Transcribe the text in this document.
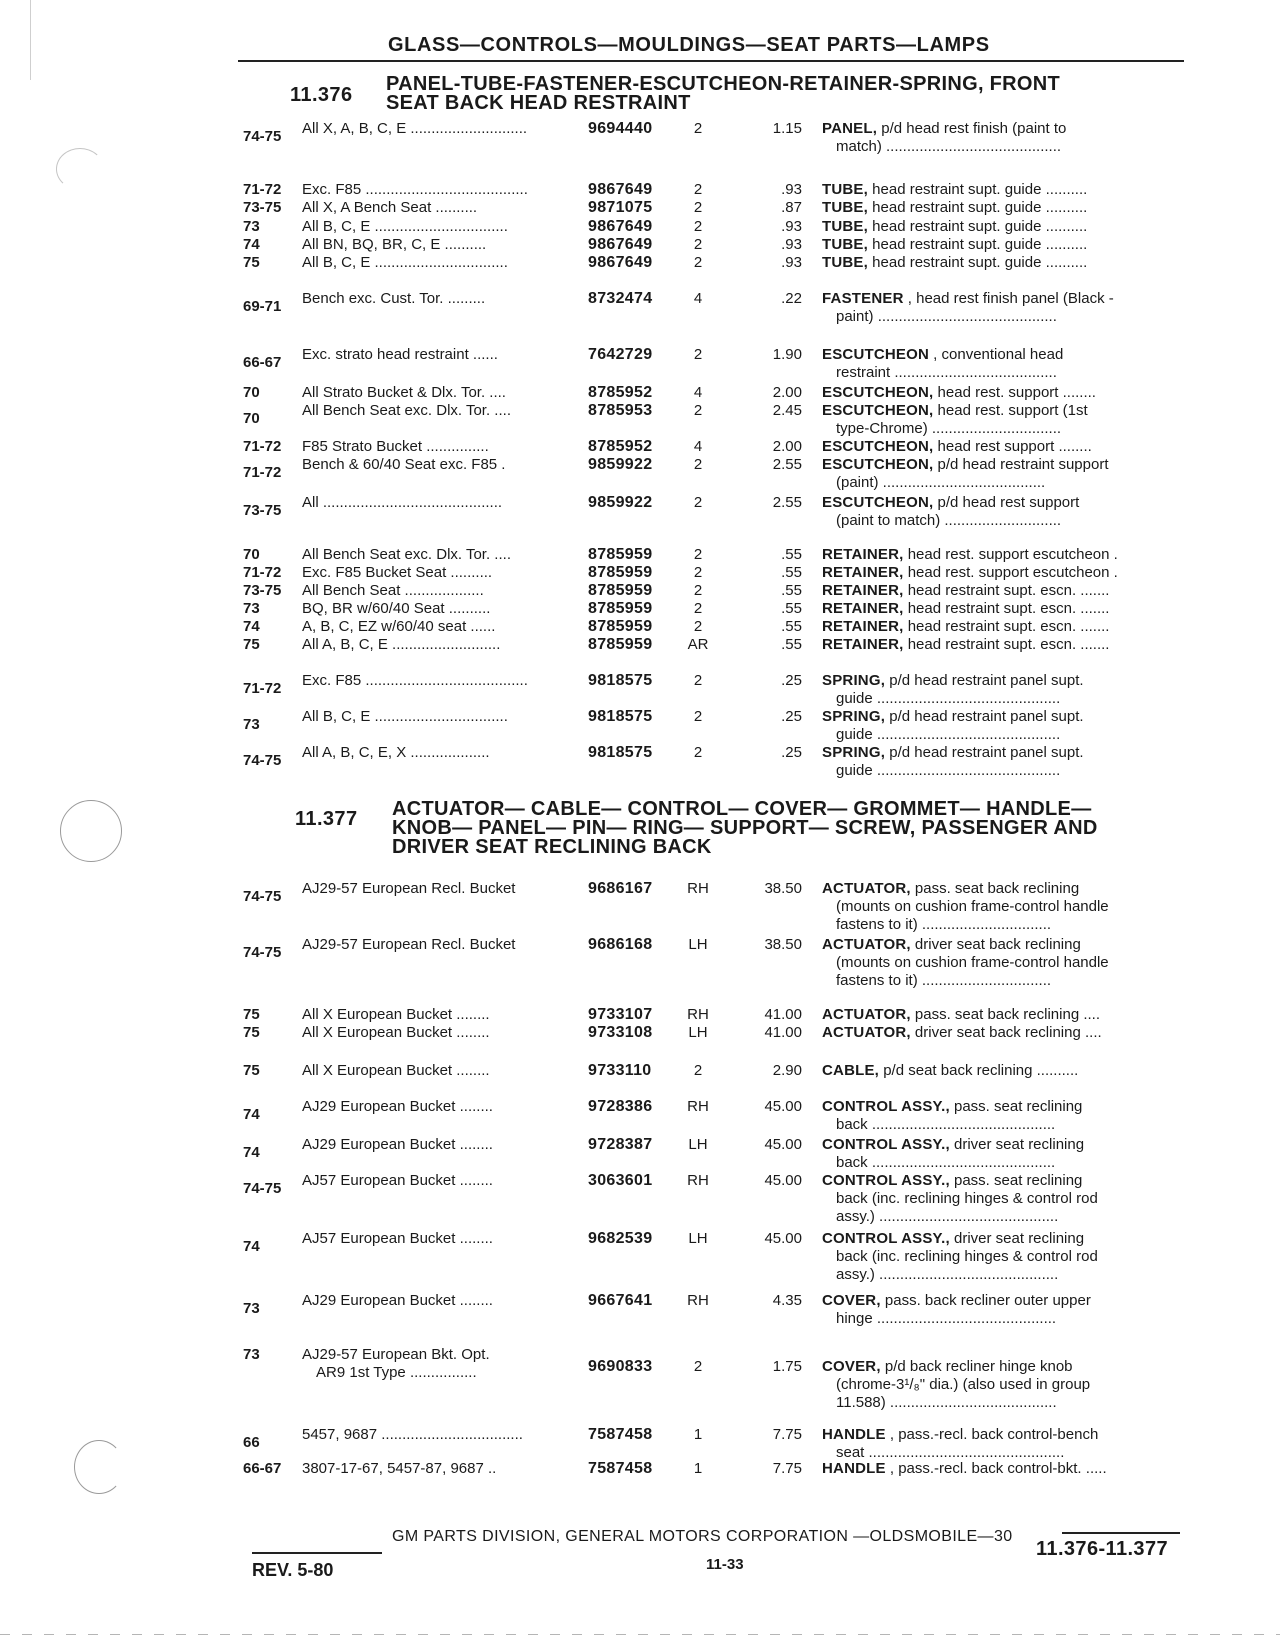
GLASS—CONTROLS—MOULDINGS—SEAT PARTS—LAMPS
11.376 PANEL-TUBE-FASTENER-ESCUTCHEON-RETAINER-SPRING, FRONT
SEAT BACK HEAD RESTRAINT
74-75 All X, A, B, C, E ............................	9694440	2	1.15 PANEL, p/d head rest finish (paint to
match) ..........................................
71-72 Exc. F85 .......................................	9867649	2	.93 TUBE, head restraint supt. guide ..........
73-75 All X, A Bench Seat ..........	9871075	2	.87 TUBE, head restraint supt. guide ..........
73	All B, C, E ................................	9867649	2	.93 TUBE, head restraint supt. guide ..........
74	All BN, BQ, BR, C, E ..........	9867649	2	.93 TUBE, head restraint supt. guide ..........
75	All B, C, E ................................	9867649	2	.93 TUBE, head restraint supt. guide ..........
69-71 Bench exc. Cust. Tor. .........	8732474	4	.22 FASTENER , head rest finish panel (Black -
paint) ...........................................
66-67 Exc. strato head restraint ......	7642729	2	1.90 ESCUTCHEON , conventional head
restraint .......................................
70	All Strato Bucket & Dlx. Tor. ....	8785952	4	2.00 ESCUTCHEON, head rest. support ........
70	All Bench Seat exc. Dlx. Tor. ....	8785953	2	2.45 ESCUTCHEON, head rest. support (1st
type-Chrome) ...............................
71-72 F85 Strato Bucket ...............	8785952	4	2.00 ESCUTCHEON, head rest support ........
71-72 Bench & 60/40 Seat exc. F85 .	9859922	2	2.55 ESCUTCHEON, p/d head restraint support
(paint) .......................................
73-75 All ...........................................	9859922	2	2.55 ESCUTCHEON, p/d head rest support
(paint to match) ............................
70	All Bench Seat exc. Dlx. Tor. ....	8785959	2	.55 RETAINER, head rest. support escutcheon .
71-72 Exc. F85 Bucket Seat ..........	8785959	2	.55 RETAINER, head rest. support escutcheon .
73-75 All Bench Seat ...................	8785959	2	.55 RETAINER, head restraint supt. escn. .......
73	BQ, BR w/60/40 Seat ..........	8785959	2	.55 RETAINER, head restraint supt. escn. .......
74	A, B, C, EZ w/60/40 seat ......	8785959	2	.55 RETAINER, head restraint supt. escn. .......
75	All A, B, C, E ..........................	8785959	AR	.55 RETAINER, head restraint supt. escn. .......
71-72 Exc. F85 .......................................	9818575	2	.25 SPRING, p/d head restraint panel supt.
guide ............................................
73	All B, C, E ................................	9818575	2	.25 SPRING, p/d head restraint panel supt.
guide ............................................
74-75 All A, B, C, E, X ...................	9818575	2	.25 SPRING, p/d head restraint panel supt.
guide ............................................
11.377 ACTUATOR— CABLE— CONTROL— COVER— GROMMET— HANDLE—
KNOB— PANEL— PIN— RING— SUPPORT— SCREW, PASSENGER AND
DRIVER SEAT RECLINING BACK
74-75 AJ29-57 European Recl. Bucket	9686167	RH	38.50 ACTUATOR, pass. seat back reclining
(mounts on cushion frame-control handle
fastens to it) ...............................
74-75 AJ29-57 European Recl. Bucket	9686168	LH	38.50 ACTUATOR, driver seat back reclining
(mounts on cushion frame-control handle
fastens to it) ...............................
75	All X European Bucket ........	9733107	RH	41.00 ACTUATOR, pass. seat back reclining ....
75	All X European Bucket ........	9733108	LH	41.00 ACTUATOR, driver seat back reclining ....
75	All X European Bucket ........	9733110	2	2.90 CABLE, p/d seat back reclining ..........
74	AJ29 European Bucket ........	9728386	RH	45.00 CONTROL ASSY., pass. seat reclining
back ............................................
74	AJ29 European Bucket ........	9728387	LH	45.00 CONTROL ASSY., driver seat reclining
back ............................................
74-75 AJ57 European Bucket ........	3063601	RH	45.00 CONTROL ASSY., pass. seat reclining
back (inc. reclining hinges & control rod
assy.) ...........................................
74	AJ57 European Bucket ........	9682539	LH	45.00 CONTROL ASSY., driver seat reclining
back (inc. reclining hinges & control rod
assy.) ...........................................
73	AJ29 European Bucket ........	9667641	RH	4.35 COVER, pass. back recliner outer upper
hinge ...........................................
73	AJ29-57 European Bkt. Opt.
AR9 1st Type ................	9690833	2	1.75 COVER, p/d back recliner hinge knob
(chrome-3¹/₈" dia.) (also used in group
11.588) ........................................
66	5457, 9687 ..................................	7587458	1	7.75 HANDLE , pass.-recl. back control-bench
seat ...............................................
66-67 3807-17-67, 5457-87, 9687 ..	7587458	1	7.75 HANDLE , pass.-recl. back control-bkt. .....
GM PARTS DIVISION, GENERAL MOTORS CORPORATION —OLDSMOBILE—30
REV. 5-80	11-33
11.376-11.377
